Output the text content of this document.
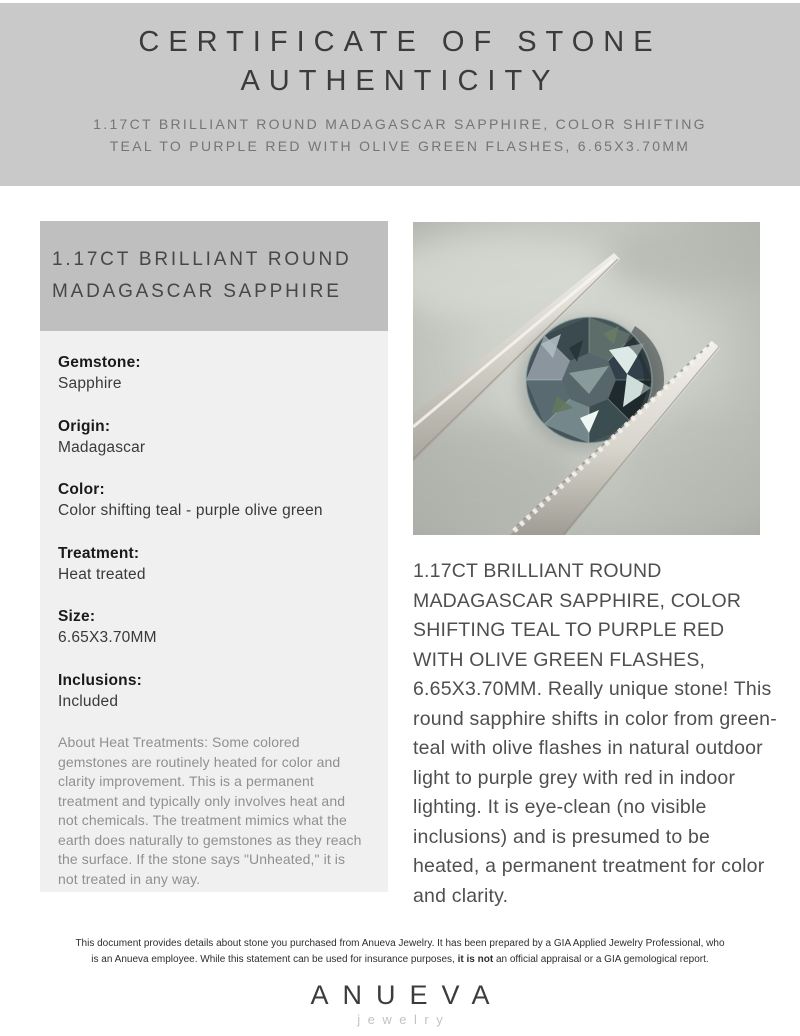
CERTIFICATE OF STONE AUTHENTICITY
1.17CT BRILLIANT ROUND MADAGASCAR SAPPHIRE, COLOR SHIFTING TEAL TO PURPLE RED WITH OLIVE GREEN FLASHES, 6.65X3.70MM
1.17CT BRILLIANT ROUND MADAGASCAR SAPPHIRE
Gemstone:
Sapphire
Origin:
Madagascar
Color:
Color shifting teal - purple olive green
Treatment:
Heat treated
Size:
6.65X3.70MM
Inclusions:
Included
About Heat Treatments: Some colored gemstones are routinely heated for color and clarity improvement. This is a permanent treatment and typically only involves heat and not chemicals. The treatment mimics what the earth does naturally to gemstones as they reach the surface. If the stone says "Unheated," it is not treated in any way.
1.17CT BRILLIANT ROUND MADAGASCAR SAPPHIRE, COLOR SHIFTING TEAL TO PURPLE RED WITH OLIVE GREEN FLASHES, 6.65X3.70MM. Really unique stone! This round sapphire shifts in color from green-teal with olive flashes in natural outdoor light to purple grey with red in indoor lighting. It is eye-clean (no visible inclusions) and is presumed to be heated, a permanent treatment for color and clarity.
This document provides details about stone you purchased from Anueva Jewelry. It has been prepared by a GIA Applied Jewelry Professional, who is an Anueva employee. While this statement can be used for insurance purposes, it is not an official appraisal or a GIA gemological report.
ANUEVA
jewelry
